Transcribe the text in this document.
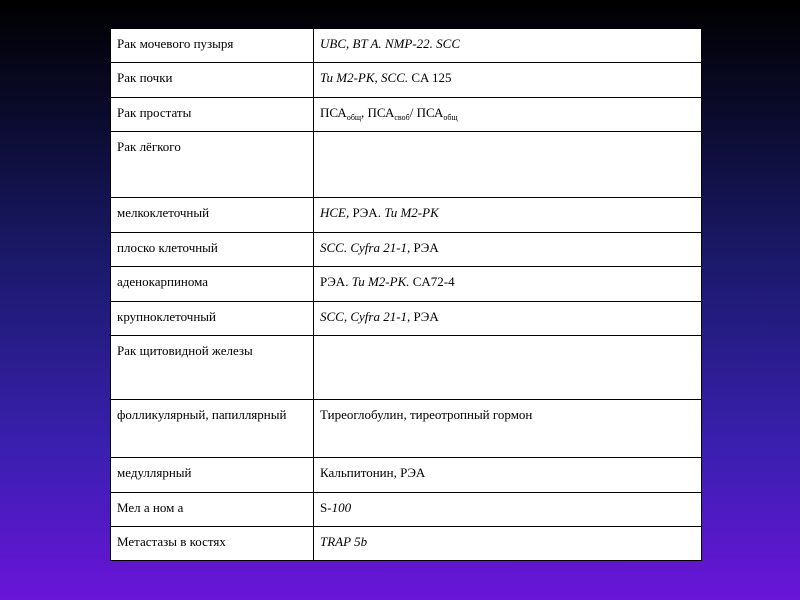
Рак мочевого пузыря	UBC, BT A. NMP-22. SCC
Рак почки	Tu M2-PK, SCC. CA 125
Рак простаты	$ПСА_{общ}$, $ПСА_{своб}/$ $ПСА_{общ}$
Рак лёгкого	
мелкоклеточный	HCE, РЭА. Tu M2-PK
плоско клеточный	SCC. Cyfra 21-1, РЭА
аденокарпинома	РЭА. Tu M2-PK. CA72-4
крупноклеточный	SCC, Cyfra 21-1, РЭА
Рак щитовидной железы	
фолликулярный, папиллярный	Тиреоглобулин, тиреотропный гормон
медуллярный	Кальпитонин, РЭА
Мел а ном а	S-100
Метастазы в костях	TRAP 5b
